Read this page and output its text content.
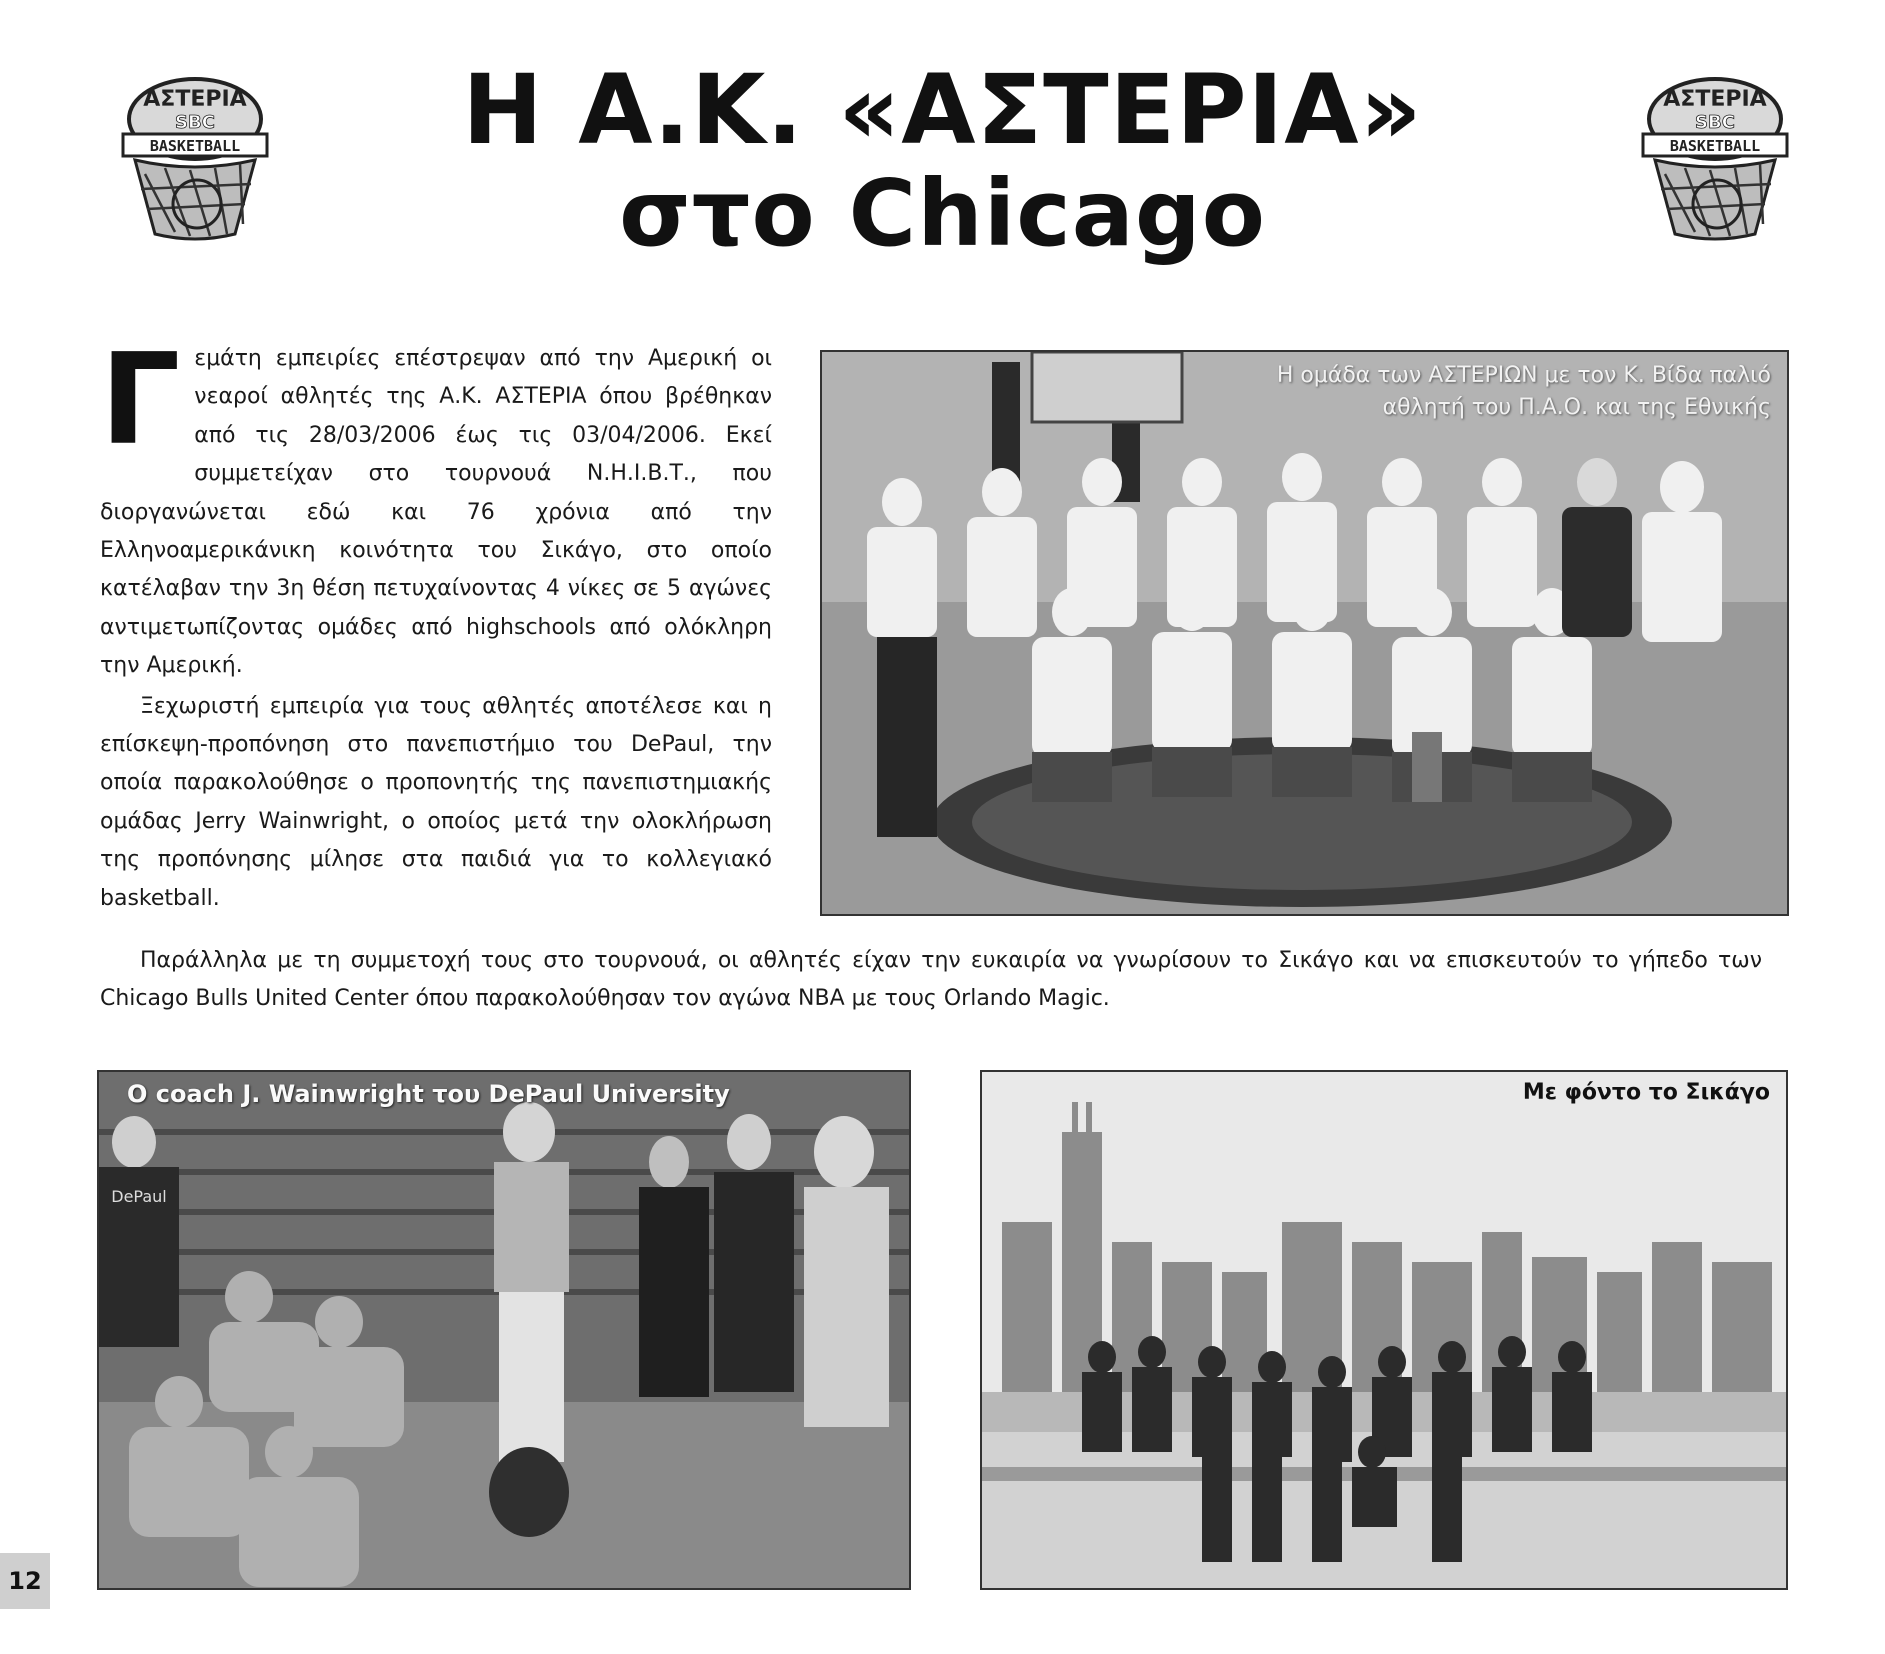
ΑΣΤΕΡΙΑ
SBC
BASKETBALL	Η Α.Κ. «ΑΣΤΕΡΙΑ»
στο Chicago
ΑΣΤΕΡΙΑ
SBC
BASKETBALL

Γεμάτη εμπειρίες επέστρεψαν από την Αμερική οι νεαροί αθλητές της Α.Κ. ΑΣΤΕΡΙΑ όπου βρέθηκαν από τις 28/03/2006 έως τις 03/04/2006. Εκεί συμμετείχαν στο τουρνουά Ν.Η.Ι.Β.Τ., που διοργανώνεται εδώ και 76 χρόνια από την Ελληνοαμερικάνικη κοινότητα του Σικάγο, στο οποίο κατέλαβαν την 3η θέση πετυχαίνοντας 4 νίκες σε 5 αγώνες αντιμετωπίζοντας ομάδες από highschools από ολόκληρη την Αμερική.

Ξεχωριστή εμπειρία για τους αθλητές αποτέλεσε και η επίσκεψη-προπόνηση στο πανεπιστήμιο του DePaul, την οποία παρακολούθησε ο προπονητής της πανεπιστημιακής ομάδας Jerry Wainwright, ο οποίος μετά την ολοκλήρωση της προπόνησης μίλησε στα παιδιά για το κολλεγιακό basketball.

Η ομάδα των ΑΣΤΕΡΙΩΝ με τον Κ. Βίδα παλιό αθλητή του Π.Α.Ο. και της Εθνικής

Παράλληλα με τη συμμετοχή τους στο τουρνουά, οι αθλητές είχαν την ευκαιρία να γνωρίσουν το Σικάγο και να επισκευτούν το γήπεδο των Chicago Bulls United Center όπου παρακολούθησαν τον αγώνα ΝΒΑ με τους Orlando Magic.

DePaul
Ο coach J. Wainwright του DePaul University	Με φόντο το Σικάγο
12
